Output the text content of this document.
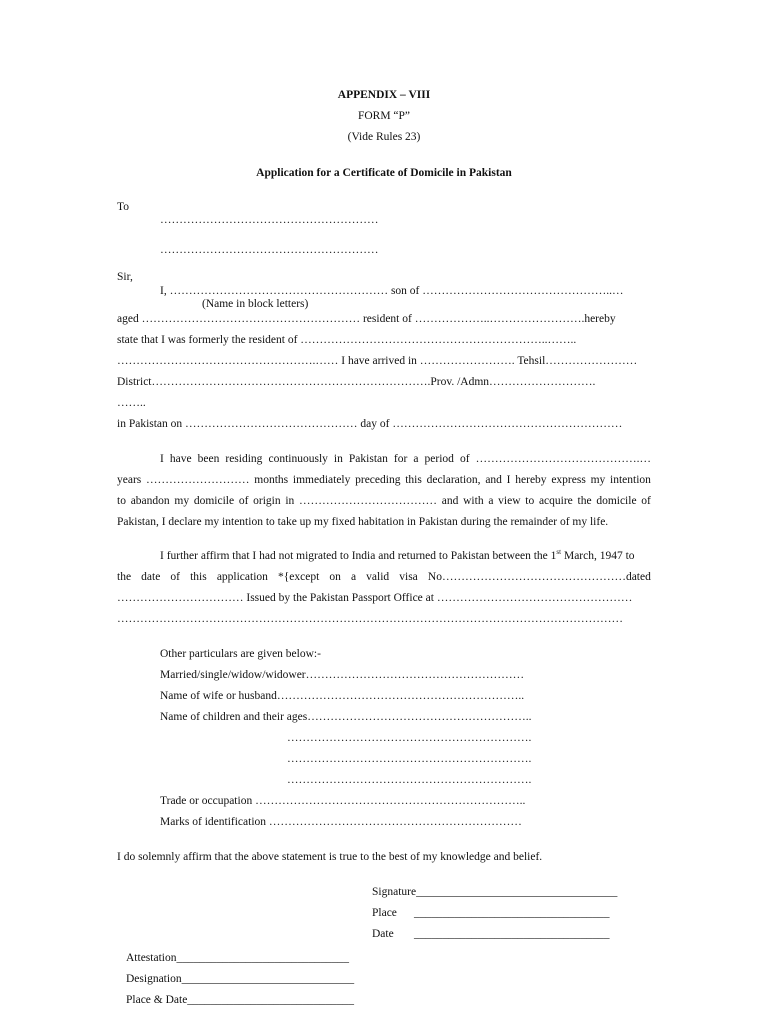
APPENDIX – VIII
FORM “P”
(Vide Rules 23)
Application for a Certificate of Domicile in Pakistan
To
…………………………………………………
…………………………………………………
Sir,
I, ………………………………………………… son of …………………………………………..…
(Name in block letters)
aged ………………………………………………… resident of ………………..…………………….hereby
state that I was formerly the resident of ………………………………………………………..……..
…………………………………………….…… I have arrived in ……………………. Tehsil……………………
District……………………………………………………………….Prov. /Admn……………………….
……..
in Pakistan on ……………………………………… day of ……………………………………………………
I have been residing continuously in Pakistan for a period of …………………………………….…
years ……………………… months immediately preceding this declaration, and I hereby express my intention
to abandon my domicile of origin in ……………………………… and with a view to acquire the domicile of
Pakistan, I declare my intention to take up my fixed habitation in Pakistan during the remainder of my life.
I further affirm that I had not migrated to India and returned to Pakistan between the 1st March, 1947 to
the date of this application *{except on a valid visa No…………………………………………dated
…………………………… Issued by the Pakistan Passport Office at ……………………………………………
……………………………………………………………………………………………………………………
Other particulars are given below:-
Married/single/widow/widower…………………………………………………
Name of wife or husband………………………………………………………..
Name of children and their ages…………………………………………………..
……………………………………………………….
……………………………………………………….
……………………………………………………….
Trade or occupation ……………………………………………………………..
Marks of identification …………………………………………………………
I do solemnly affirm that the above statement is true to the best of my knowledge and belief.
Signature___________________________________
Place __________________________________
Date __________________________________
Attestation______________________________
Designation______________________________
Place & Date_____________________________
